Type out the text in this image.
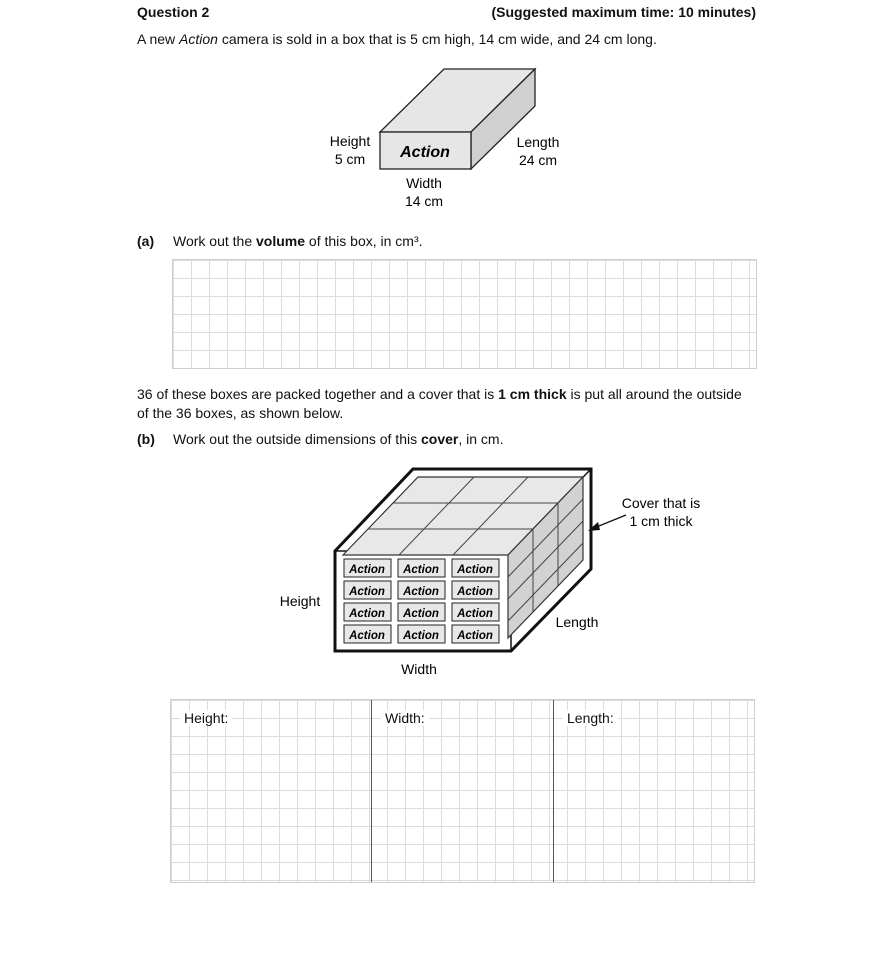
Question 2	(Suggested maximum time: 10 minutes)
A new Action camera is sold in a box that is 5 cm high, 14 cm wide, and 24 cm long.
Action
Height
5 cm
Length
24 cm
Width
14 cm
(a) Work out the volume of this box, in cm³.
36 of these boxes are packed together and a cover that is 1 cm thick is put all around the outside of the 36 boxes, as shown below.
(b) Work out the outside dimensions of this cover, in cm.
Action Action Action
Action Action Action
Action Action Action
Action Action Action
Cover that is
1 cm thick
Height
Length
Width
Height:	Width:	Length:
